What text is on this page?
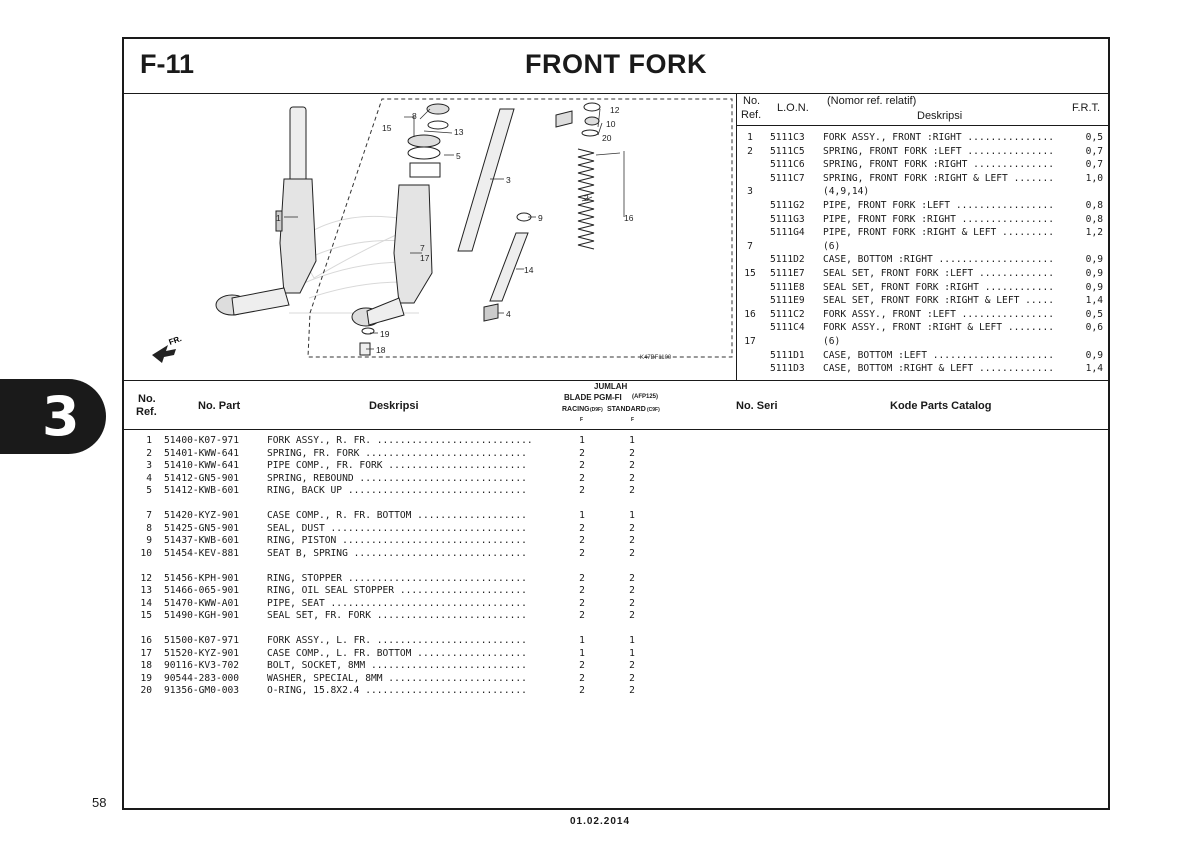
3
58
01.02.2014
F-11	FRONT FORK
FR.
1
2
3
4
5
7
8
9
10
12
13
14
15
16
17
18
19
20
K47BF1100
No.
Ref.
L.O.N.
(Nomor ref. relatif)
Deskripsi
F.R.T.
1	5111C3 FORK ASSY., FRONT :RIGHT ...............	0,5
2	5111C5 SPRING, FRONT FORK :LEFT ...............	0,7
5111C6 SPRING, FRONT FORK :RIGHT ..............	0,7
5111C7 SPRING, FRONT FORK :RIGHT & LEFT .......	1,0
3	(4,9,14)
5111G2 PIPE, FRONT FORK :LEFT .................	0,8
5111G3 PIPE, FRONT FORK :RIGHT ................	0,8
5111G4 PIPE, FRONT FORK :RIGHT & LEFT .........	1,2
7	(6)
5111D2 CASE, BOTTOM :RIGHT ....................	0,9
15	5111E7 SEAL SET, FRONT FORK :LEFT .............	0,9
5111E8 SEAL SET, FRONT FORK :RIGHT ............	0,9
5111E9 SEAL SET, FRONT FORK :RIGHT & LEFT .....	1,4
16	5111C2 FORK ASSY., FRONT :LEFT ................	0,5
5111C4 FORK ASSY., FRONT :RIGHT & LEFT ........	0,6
17	(6)
5111D1 CASE, BOTTOM :LEFT .....................	0,9
5111D3 CASE, BOTTOM :RIGHT & LEFT .............	1,4
No.
Ref.	No. Part	Deskripsi
JUMLAH
BLADE PGM-FI (AFP125)
RACING (D9F) STANDARD (C9F)
F	F
No. Seri	Kode Parts Catalog
1 51400-K07-971	FORK ASSY., R. FR. ...........................	1	1
2 51401-KWW-641	SPRING, FR. FORK ............................	2	2
3 51410-KWW-641	PIPE COMP., FR. FORK ........................	2	2
4 51412-GN5-901	SPRING, REBOUND .............................	2	2
5 51412-KWB-601	RING, BACK UP ...............................	2	2
7 51420-KYZ-901	CASE COMP., R. FR. BOTTOM ...................	1	1
8 51425-GN5-901	SEAL, DUST ..................................	2	2
9 51437-KWB-601	RING, PISTON ................................	2	2
10 51454-KEV-881	SEAT B, SPRING ..............................	2	2
12 51456-KPH-901	RING, STOPPER ...............................	2	2
13 51466-065-901	RING, OIL SEAL STOPPER ......................	2	2
14 51470-KWW-A01	PIPE, SEAT ..................................	2	2
15 51490-KGH-901	SEAL SET, FR. FORK ..........................	2	2
16 51500-K07-971	FORK ASSY., L. FR. ..........................	1	1
17 51520-KYZ-901	CASE COMP., L. FR. BOTTOM ...................	1	1
18 90116-KV3-702	BOLT, SOCKET, 8MM ...........................	2	2
19 90544-283-000	WASHER, SPECIAL, 8MM ........................	2	2
20 91356-GM0-003	O-RING, 15.8X2.4 ............................	2	2
